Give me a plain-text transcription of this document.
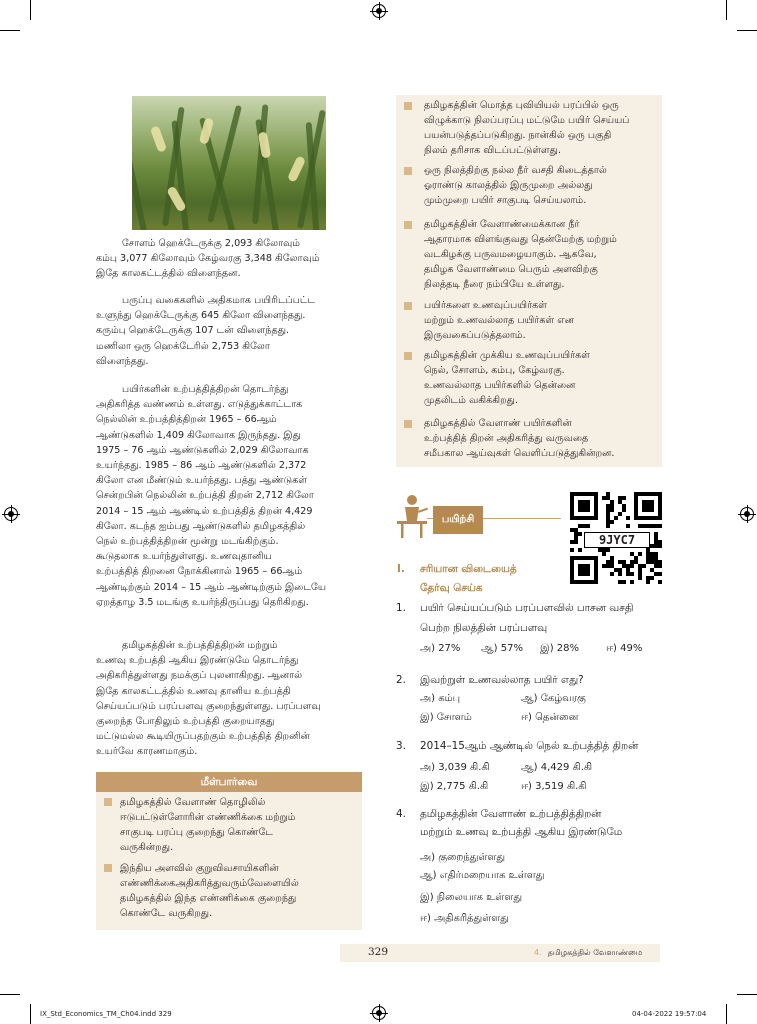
சோளம் ஹெக்டேருக்கு 2,093 கிலோவும்

கம்பு 3,077 கிலோவும் கேழ்வரகு 3,348 கிலோவும்

இதே காலகட்டத்தில் விளைந்தன.

பருப்பு வகைகளில் அதிகமாக பயிரிடப்பட்ட

உளுந்து ஹெக்டேருக்கு 645 கிலோ விளைந்தது.

கரும்பு ஹெக்டேருக்கு 107 டன் விளைந்தது.

மணிலா ஒரு ஹெக்டேரில் 2,753 கிலோ

விளைந்தது.

பயிர்களின் உற்பத்தித்திறன் தொடர்ந்து

அதிகரித்த வண்ணம் உள்ளது. எடுத்துக்காட்டாக

நெல்லின் உற்பத்தித்திறன் 1965 – 66ஆம்

ஆண்டுகளில் 1,409 கிலோவாக இருந்தது. இது

1975 – 76 ஆம் ஆண்டுகளில் 2,029 கிலோவாக

உயர்ந்தது. 1985 – 86 ஆம் ஆண்டுகளில் 2,372

கிலோ என மீண்டும் உயர்ந்தது. பத்து ஆண்டுகள்

சென்றபின் நெல்லின் உற்பத்தி திறன் 2,712 கிலோ

2014 – 15 ஆம் ஆண்டில் உற்பத்தித் திறன் 4,429

கிலோ. கடந்த ஐம்பது ஆண்டுகளில் தமிழகத்தில்

நெல் உற்பத்தித்திறன் மூன்று மடங்கிற்கும்.

கூடுதலாக உயர்ந்துள்ளது. உணவுதானிய

உற்பத்தித் திறனை நோக்கினால் 1965 – 66ஆம்

ஆண்டிற்கும் 2014 – 15 ஆம் ஆண்டிற்கும் இடையே

ஏறத்தாழ 3.5 மடங்கு உயர்ந்திருப்பது தெரிகிறது.

தமிழகத்தின் உற்பத்தித்திறன் மற்றும்

உணவு உற்பத்தி ஆகிய இரண்டுமே தொடர்ந்து

அதிகரித்துள்ளது நமக்குப் புலனாகிறது. ஆனால்

இதே காலகட்டத்தில் உணவு தானிய உற்பத்தி

செய்யப்படும் பரப்பளவு குறைந்துள்ளது. பரப்பளவு

குறைந்த போதிலும் உற்பத்தி குறையாதது

மட்டுமல்ல கூடியிருப்பதற்கும் உற்பத்தித் திறனின்

உயர்வே காரணமாகும்.

மீள்பார்வை
தமிழகத்தில் வேளாண் தொழிலில்
ஈடுபட்டுள்ளோரின் எண்ணிக்கை மற்றும்
சாகுபடி பரப்பு குறைந்து கொண்டே
வருகின்றது.
இந்திய அளவில் குறுவிவசாயிகளின்
எண்ணிக்கைஅதிகரித்துவரும்வேளையில்
தமிழகத்தில் இந்த எண்ணிக்கை குறைந்து
கொண்டே வருகிறது.
தமிழகத்தின் மொத்த புவியியல் பரப்பில் ஒரு
விழுக்காடு நிலப்பரப்பு மட்டுமே பயிர் செய்யப்
பயன்படுத்தப்படுகிறது. நான்கில் ஒரு பகுதி
நிலம் தரிசாக விடப்பட்டுள்ளது.
ஒரு நிலத்திற்கு நல்ல நீர் வசதி கிடைத்தால்
ஓராண்டு காலத்தில் இருமுறை அல்லது
மும்முறை பயிர் சாகுபடி செய்யலாம்.
தமிழகத்தின் வேளாண்மைக்கான நீர்
ஆதாரமாக விளங்குவது தென்மேற்கு மற்றும்
வடகிழக்கு பருவமழையாகும். ஆகவே,
தமிழக வேளாண்மை பெரும் அளவிற்கு
நிலத்தடி நீரை நம்பியே உள்ளது.
பயிர்களை உணவுப்பயிர்கள்
மற்றும் உணவல்லாத பயிர்கள் என
இருவகைப்படுத்தலாம்.
தமிழகத்தின் முக்கிய உணவுப்பயிர்கள்
நெல், சோளம், கம்பு, கேழ்வரகு.
உணவல்லாத பயிர்களில் தென்னை
முதலிடம் வகிக்கிறது.
தமிழகத்தில் வேளாண் பயிர்களின்
உற்பத்தித் திறன் அதிகரித்து வருவதை
சமீபகால ஆய்வுகள் வெளிப்படுத்துகின்றன.
பயிற்சி
9JYC7
I. சரியான விடையைத்
தேர்வு செய்க
1. பயிர் செய்யப்படும் பரப்பளவில் பாசன வசதி
பெற்ற நிலத்தின் பரப்பளவு
அ) 27% ஆ) 57% இ) 28%	ஈ) 49%
2. இவற்றுள் உணவல்லாத பயிர் எது?
அ) கம்பு	ஆ) கேழ்வரகு
இ) சோளம்	ஈ) தென்னை
3. 2014–15ஆம் ஆண்டில் நெல் உற்பத்தித் திறன்
அ) 3,039 கி.கி	ஆ) 4,429 கி.கி
இ) 2,775 கி.கி	ஈ) 3,519 கி.கி
4. தமிழகத்தின் வேளாண் உற்பத்தித்திறன்
மற்றும் உணவு உற்பத்தி ஆகிய இரண்டுமே
அ) குறைந்துள்ளது
ஆ) எதிர்மறையாக உள்ளது
இ) நிலையாக உள்ளது
ஈ) அதிகரித்துள்ளது
329	4. தமிழகத்தில் வேளாண்மை
IX_Std_Economics_TM_Ch04.indd 329	04-04-2022 19:57:04
